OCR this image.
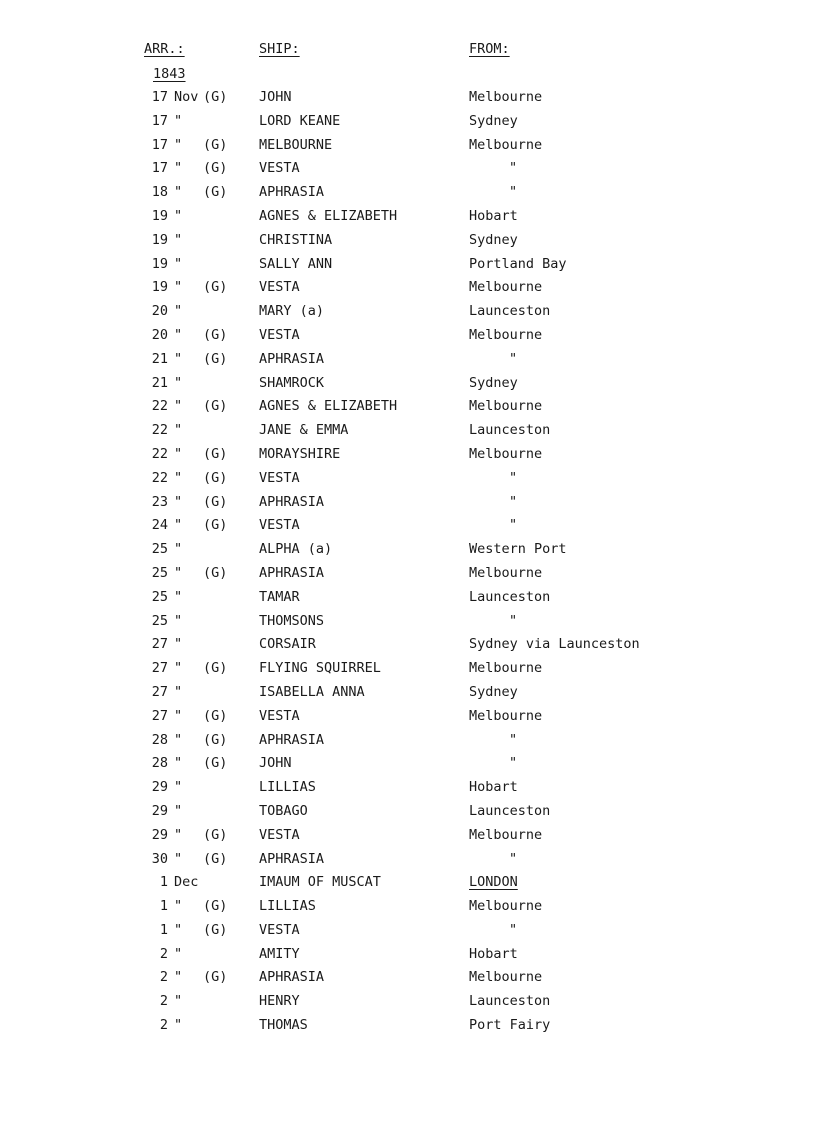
ARR.:	SHIP:	FROM:
1843
17 Nov (G) JOHN	Melbourne
17 "	LORD KEANE	Sydney
17 " (G) MELBOURNE	Melbourne
17 " (G) VESTA	"
18 " (G) APHRASIA	"
19 "	AGNES & ELIZABETH	Hobart
19 "	CHRISTINA	Sydney
19 "	SALLY ANN	Portland Bay
19 " (G) VESTA	Melbourne
20 "	MARY (a)	Launceston
20 " (G) VESTA	Melbourne
21 " (G) APHRASIA	"
21 "	SHAMROCK	Sydney
22 " (G) AGNES & ELIZABETH	Melbourne
22 "	JANE & EMMA	Launceston
22 " (G) MORAYSHIRE	Melbourne
22 " (G) VESTA	"
23 " (G) APHRASIA	"
24 " (G) VESTA	"
25 "	ALPHA (a)	Western Port
25 " (G) APHRASIA	Melbourne
25 "	TAMAR	Launceston
25 "	THOMSONS	"
27 "	CORSAIR	Sydney via Launceston
27 " (G) FLYING SQUIRREL	Melbourne
27 "	ISABELLA ANNA	Sydney
27 " (G) VESTA	Melbourne
28 " (G) APHRASIA	"
28 " (G) JOHN	"
29 "	LILLIAS	Hobart
29 "	TOBAGO	Launceston
29 " (G) VESTA	Melbourne
30 " (G) APHRASIA	"
1 Dec	IMAUM OF MUSCAT	LONDON
1 " (G) LILLIAS	Melbourne
1 " (G) VESTA	"
2 "	AMITY	Hobart
2 " (G) APHRASIA	Melbourne
2 "	HENRY	Launceston
2 "	THOMAS	Port Fairy
